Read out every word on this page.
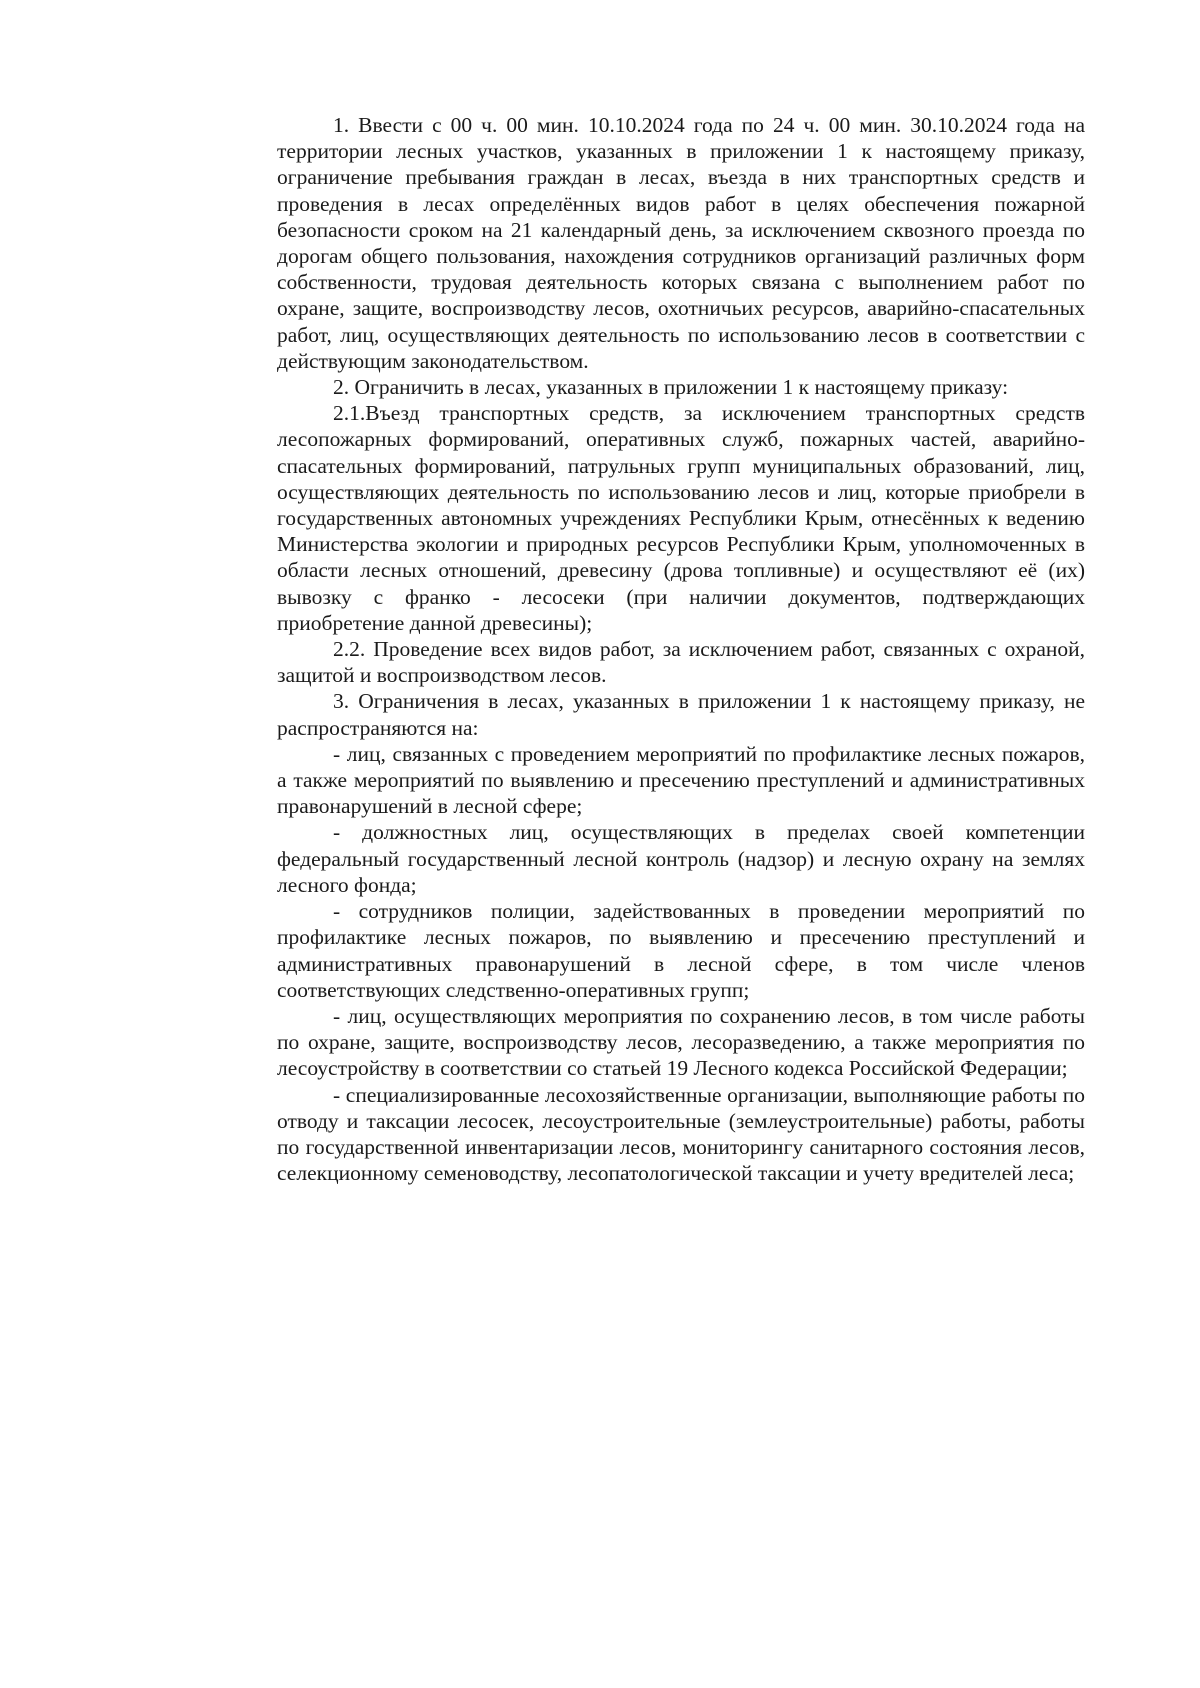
1. Ввести с 00 ч. 00 мин. 10.10.2024 года по 24 ч. 00 мин. 30.10.2024 года на территории лесных участков, указанных в приложении 1 к настоящему приказу, ограничение пребывания граждан в лесах, въезда в них транспортных средств и проведения в лесах определённых видов работ в целях обеспечения пожарной безопасности сроком на 21 календарный день, за исключением сквозного проезда по дорогам общего пользования, нахождения сотрудников организаций различных форм собственности, трудовая деятельность которых связана с выполнением работ по охране, защите, воспроизводству лесов, охотничьих ресурсов, аварийно-спасательных работ, лиц, осуществляющих деятельность по использованию лесов в соответствии с действующим законодательством.

2. Ограничить в лесах, указанных в приложении 1 к настоящему приказу:

2.1.Въезд транспортных средств, за исключением транспортных средств лесопожарных формирований, оперативных служб, пожарных частей, аварийно-спасательных формирований, патрульных групп муниципальных образований, лиц, осуществляющих деятельность по использованию лесов и лиц, которые приобрели в государственных автономных учреждениях Республики Крым, отнесённых к ведению Министерства экологии и природных ресурсов Республики Крым, уполномоченных в области лесных отношений, древесину (дрова топливные) и осуществляют её (их) вывозку с франко - лесосеки (при наличии документов, подтверждающих приобретение данной древесины);

2.2. Проведение всех видов работ, за исключением работ, связанных с охраной, защитой и воспроизводством лесов.

3. Ограничения в лесах, указанных в приложении 1 к настоящему приказу, не распространяются на:

- лиц, связанных с проведением мероприятий по профилактике лесных пожаров, а также мероприятий по выявлению и пресечению преступлений и административных правонарушений в лесной сфере;

- должностных лиц, осуществляющих в пределах своей компетенции федеральный государственный лесной контроль (надзор) и лесную охрану на землях лесного фонда;

- сотрудников полиции, задействованных в проведении мероприятий по профилактике лесных пожаров, по выявлению и пресечению преступлений и административных правонарушений в лесной сфере, в том числе членов соответствующих следственно-оперативных групп;

- лиц, осуществляющих мероприятия по сохранению лесов, в том числе работы по охране, защите, воспроизводству лесов, лесоразведению, а также мероприятия по лесоустройству в соответствии со статьей 19 Лесного кодекса Российской Федерации;

- специализированные лесохозяйственные организации, выполняющие работы по отводу и таксации лесосек, лесоустроительные (землеустроительные) работы, работы по государственной инвентаризации лесов, мониторингу санитарного состояния лесов, селекционному семеноводству, лесопатологической таксации и учету вредителей леса;
